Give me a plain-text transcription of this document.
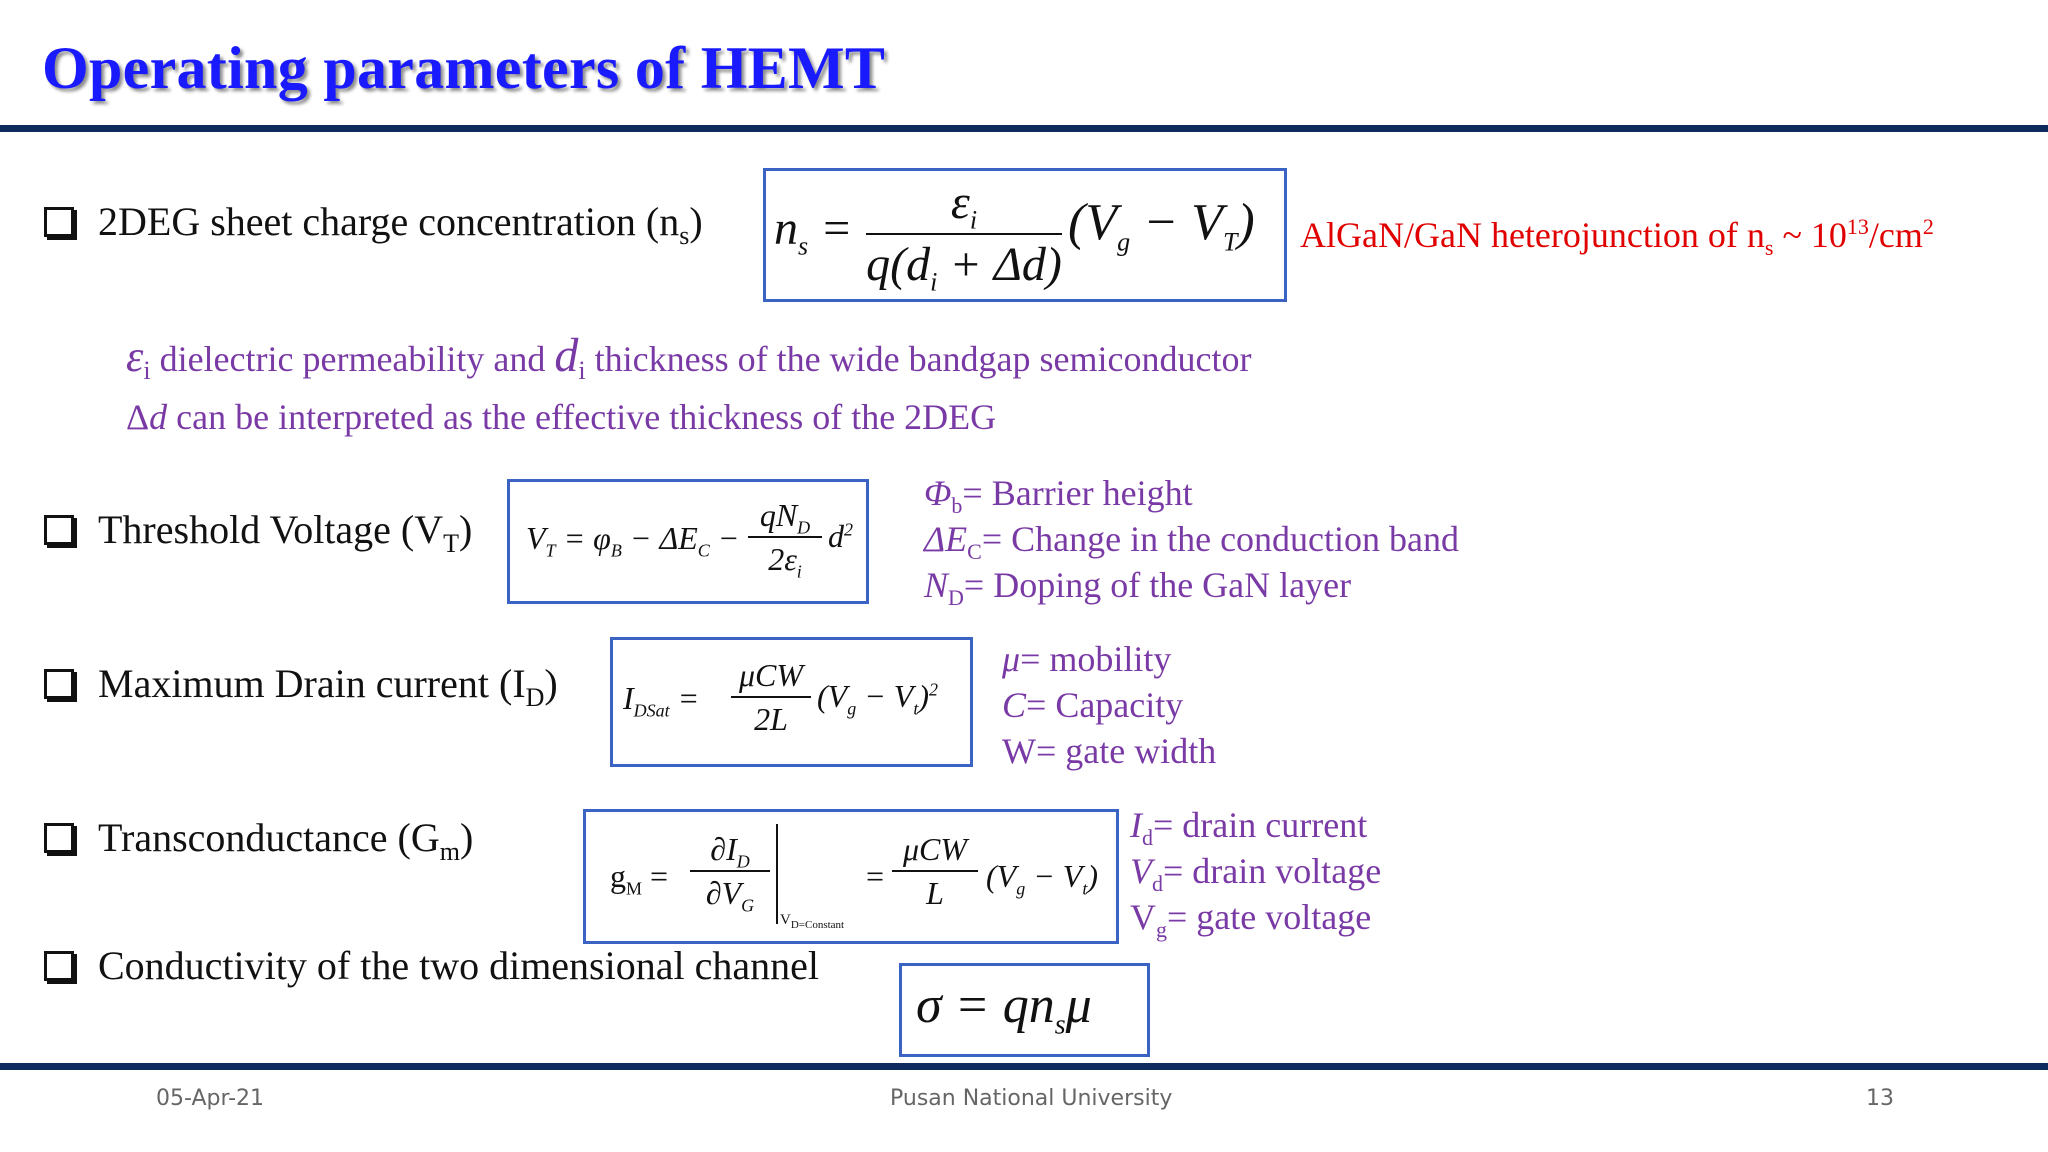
Operating parameters of HEMT
2DEG sheet charge concentration $(n_s) n_s$ =	$\varepsilon_i$
$q(d_i + \Delta d)$
$(V_g - V_T)$ AlGaN/GaN heterojunction of $n_s$ ~ $10^{13}/cm^2$
$\varepsilon_i$ dielectric permeability and $d_i$ thickness of the wide bandgap semiconductor
Δd can be interpreted as the effective thickness of the 2DEG
Threshold Voltage $(V_T) V_T = \varphi_B - \Delta E_C$ −
$qN_D$
$2\varepsilon_i$
$d^2$
$\Phi_b=$ Barrier height
$\Delta E_C=$ Change in the conduction band
$N_D=$ Doping of the GaN layer
Maximum Drain current $(I_D) I_{DSat}$ =
μCW
2L
$(V_g - V_t)^2$
μ= mobility
C= Capacity
W= gate width
Transconductance $(G_m)$
$g_M$ =
$\partial I_D$
$\partial V_G$
$V_{D=Constant}$
=
μCW
L	$(V_g - V_t)$
$I_d=$ drain current
$V_d=$ drain voltage
$V_g=$ gate voltage
Conductivity of the two dimensional channel
$\sigma = qn_s\mu$
05-Apr-21	Pusan National University	13
